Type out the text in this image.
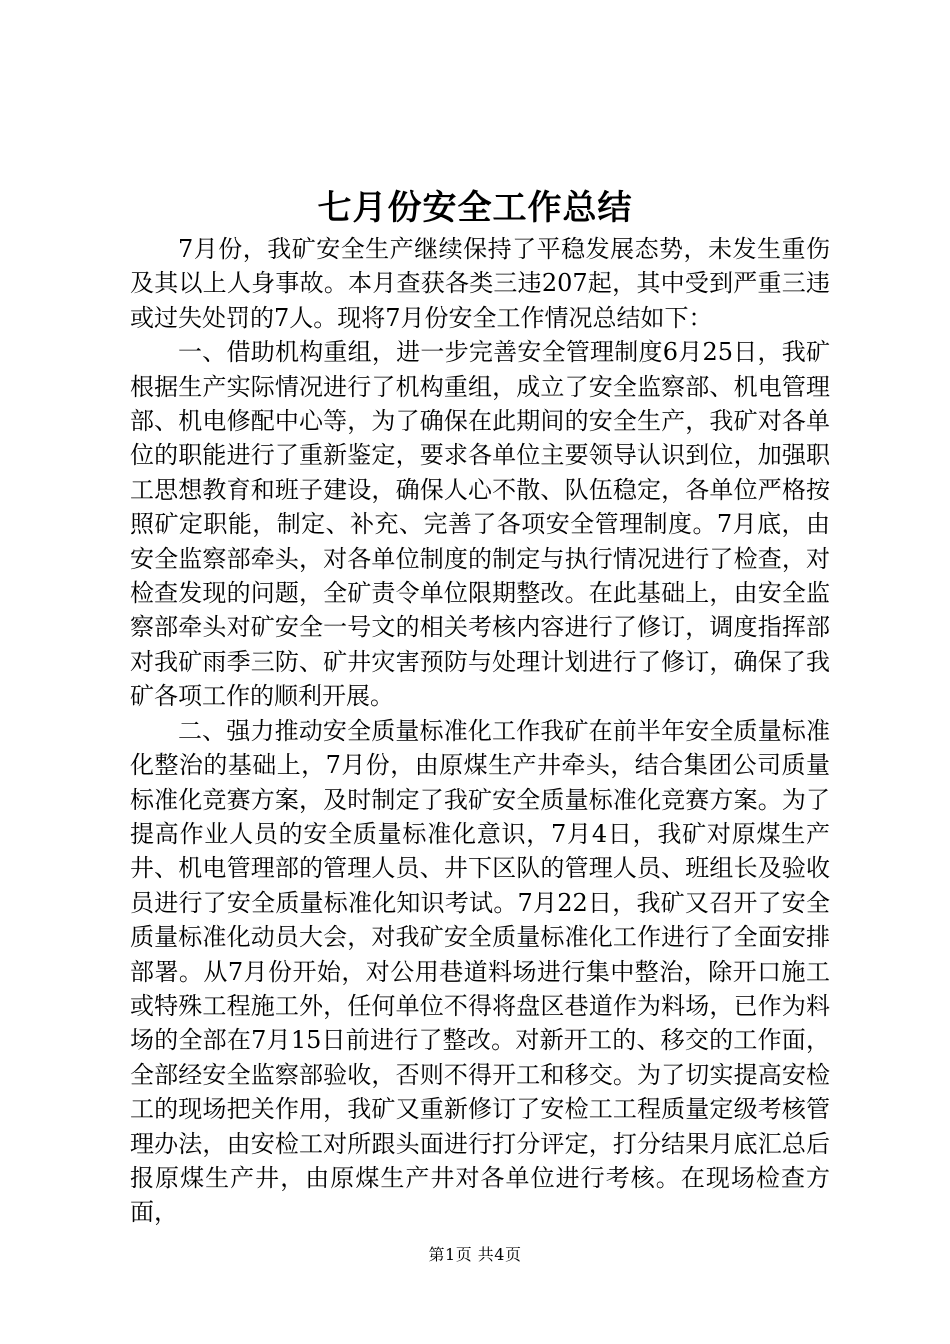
七月份安全工作总结

7月份，我矿安全生产继续保持了平稳发展态势，未发生重伤及其以上人身事故。本月查获各类三违207起，其中受到严重三违或过失处罚的7人。现将7月份安全工作情况总结如下：

一、借助机构重组，进一步完善安全管理制度6月25日，我矿根据生产实际情况进行了机构重组，成立了安全监察部、机电管理部、机电修配中心等，为了确保在此期间的安全生产，我矿对各单位的职能进行了重新鉴定，要求各单位主要领导认识到位，加强职工思想教育和班子建设，确保人心不散、队伍稳定，各单位严格按照矿定职能，制定、补充、完善了各项安全管理制度。7月底，由安全监察部牵头，对各单位制度的制定与执行情况进行了检查，对检查发现的问题，全矿责令单位限期整改。在此基础上，由安全监察部牵头对矿安全一号文的相关考核内容进行了修订，调度指挥部对我矿雨季三防、矿井灾害预防与处理计划进行了修订，确保了我矿各项工作的顺利开展。

二、强力推动安全质量标准化工作我矿在前半年安全质量标准化整治的基础上，7月份，由原煤生产井牵头，结合集团公司质量标准化竞赛方案，及时制定了我矿安全质量标准化竞赛方案。为了提高作业人员的安全质量标准化意识，7月4日，我矿对原煤生产井、机电管理部的管理人员、井下区队的管理人员、班组长及验收员进行了安全质量标准化知识考试。7月22日，我矿又召开了安全质量标准化动员大会，对我矿安全质量标准化工作进行了全面安排部署。从7月份开始，对公用巷道料场进行集中整治，除开口施工或特殊工程施工外，任何单位不得将盘区巷道作为料场，已作为料场的全部在7月15日前进行了整改。对新开工的、移交的工作面，全部经安全监察部验收，否则不得开工和移交。为了切实提高安检工的现场把关作用，我矿又重新修订了安检工工程质量定级考核管理办法，由安检工对所跟头面进行打分评定，打分结果月底汇总后报原煤生产井，由原煤生产井对各单位进行考核。在现场检查方面，

第1页 共4页
